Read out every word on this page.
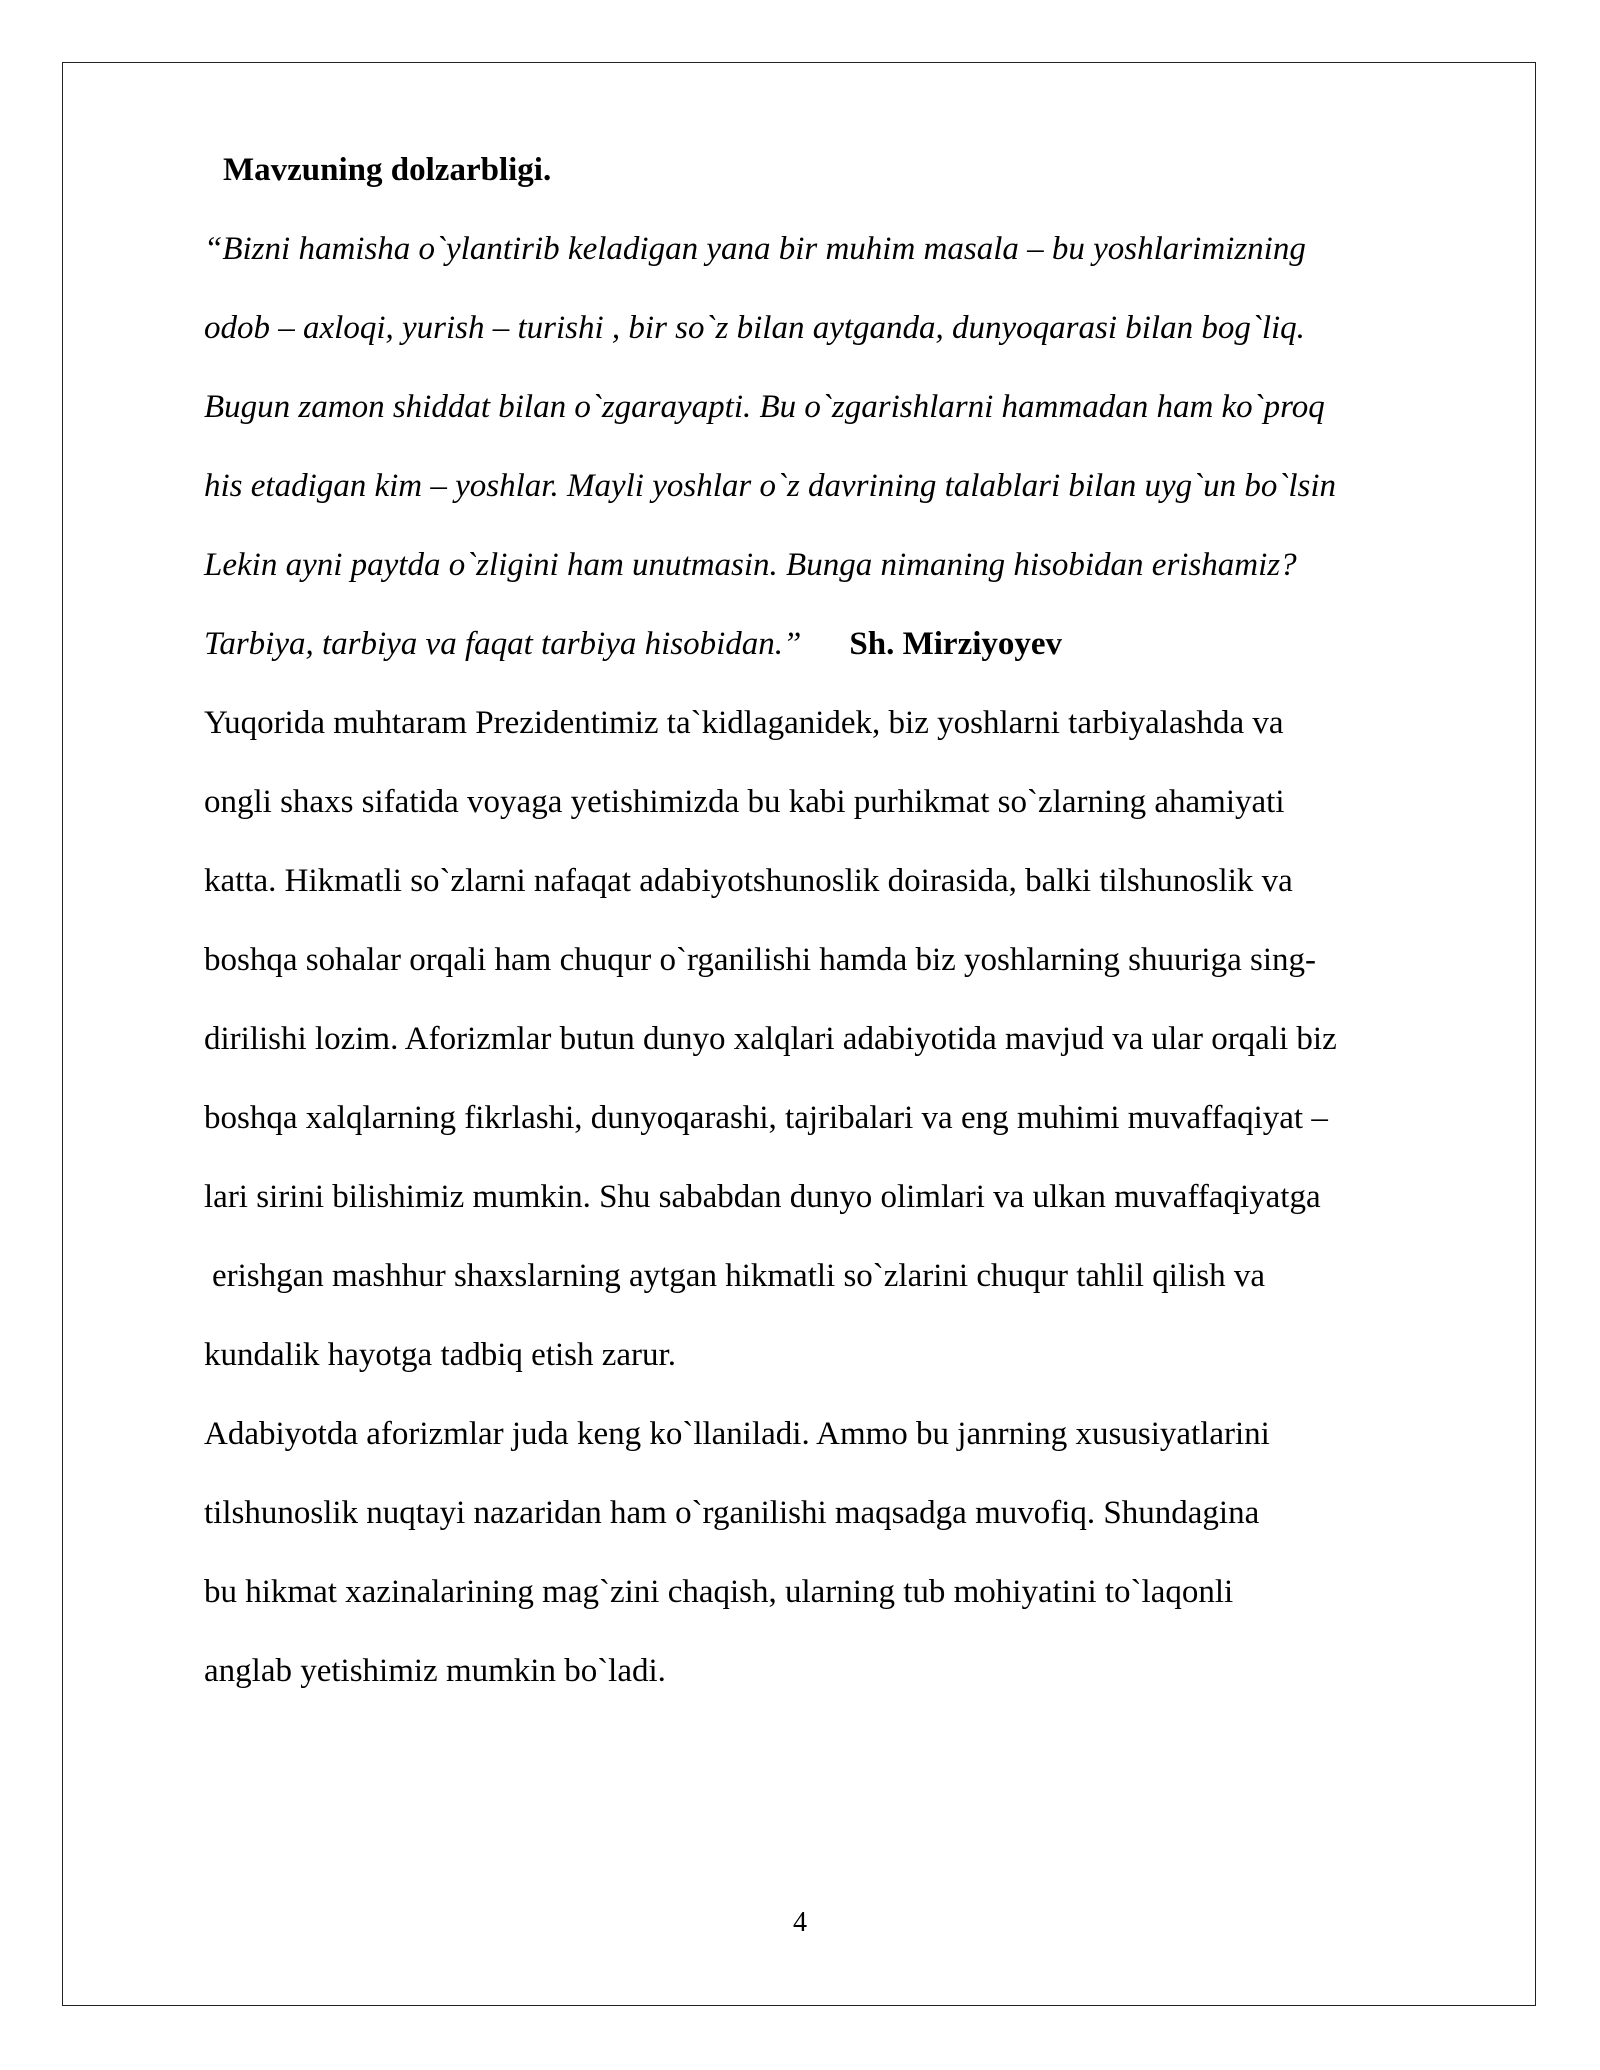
Mavzuning dolzarbligi.
“Bizni hamisha o`ylantirib keladigan yana bir muhim masala – bu yoshlarimizning
odob – axloqi, yurish – turishi , bir so`z bilan aytganda, dunyoqarasi bilan bog`liq.
Bugun zamon shiddat bilan o`zgarayapti. Bu o`zgarishlarni hammadan ham ko`proq
his etadigan kim – yoshlar. Mayli yoshlar o`z davrining talablari bilan uyg`un bo`lsin
Lekin ayni paytda o`zligini ham unutmasin. Bunga nimaning hisobidan erishamiz?
Tarbiya, tarbiya va faqat tarbiya hisobidan.” Sh. Mirziyoyev
Yuqorida muhtaram Prezidentimiz ta`kidlaganidek, biz yoshlarni tarbiyalashda va
ongli shaxs sifatida voyaga yetishimizda bu kabi purhikmat so`zlarning ahamiyati
katta. Hikmatli so`zlarni nafaqat adabiyotshunoslik doirasida, balki tilshunoslik va
boshqa sohalar orqali ham chuqur o`rganilishi hamda biz yoshlarning shuuriga sing-
dirilishi lozim. Aforizmlar butun dunyo xalqlari adabiyotida mavjud va ular orqali biz
boshqa xalqlarning fikrlashi, dunyoqarashi, tajribalari va eng muhimi muvaffaqiyat –
lari sirini bilishimiz mumkin. Shu sababdan dunyo olimlari va ulkan muvaffaqiyatga
erishgan mashhur shaxslarning aytgan hikmatli so`zlarini chuqur tahlil qilish va
kundalik hayotga tadbiq etish zarur.
Adabiyotda aforizmlar juda keng ko`llaniladi. Ammo bu janrning xususiyatlarini
tilshunoslik nuqtayi nazaridan ham o`rganilishi maqsadga muvofiq. Shundagina
bu hikmat xazinalarining mag`zini chaqish, ularning tub mohiyatini to`laqonli
anglab yetishimiz mumkin bo`ladi.
4
